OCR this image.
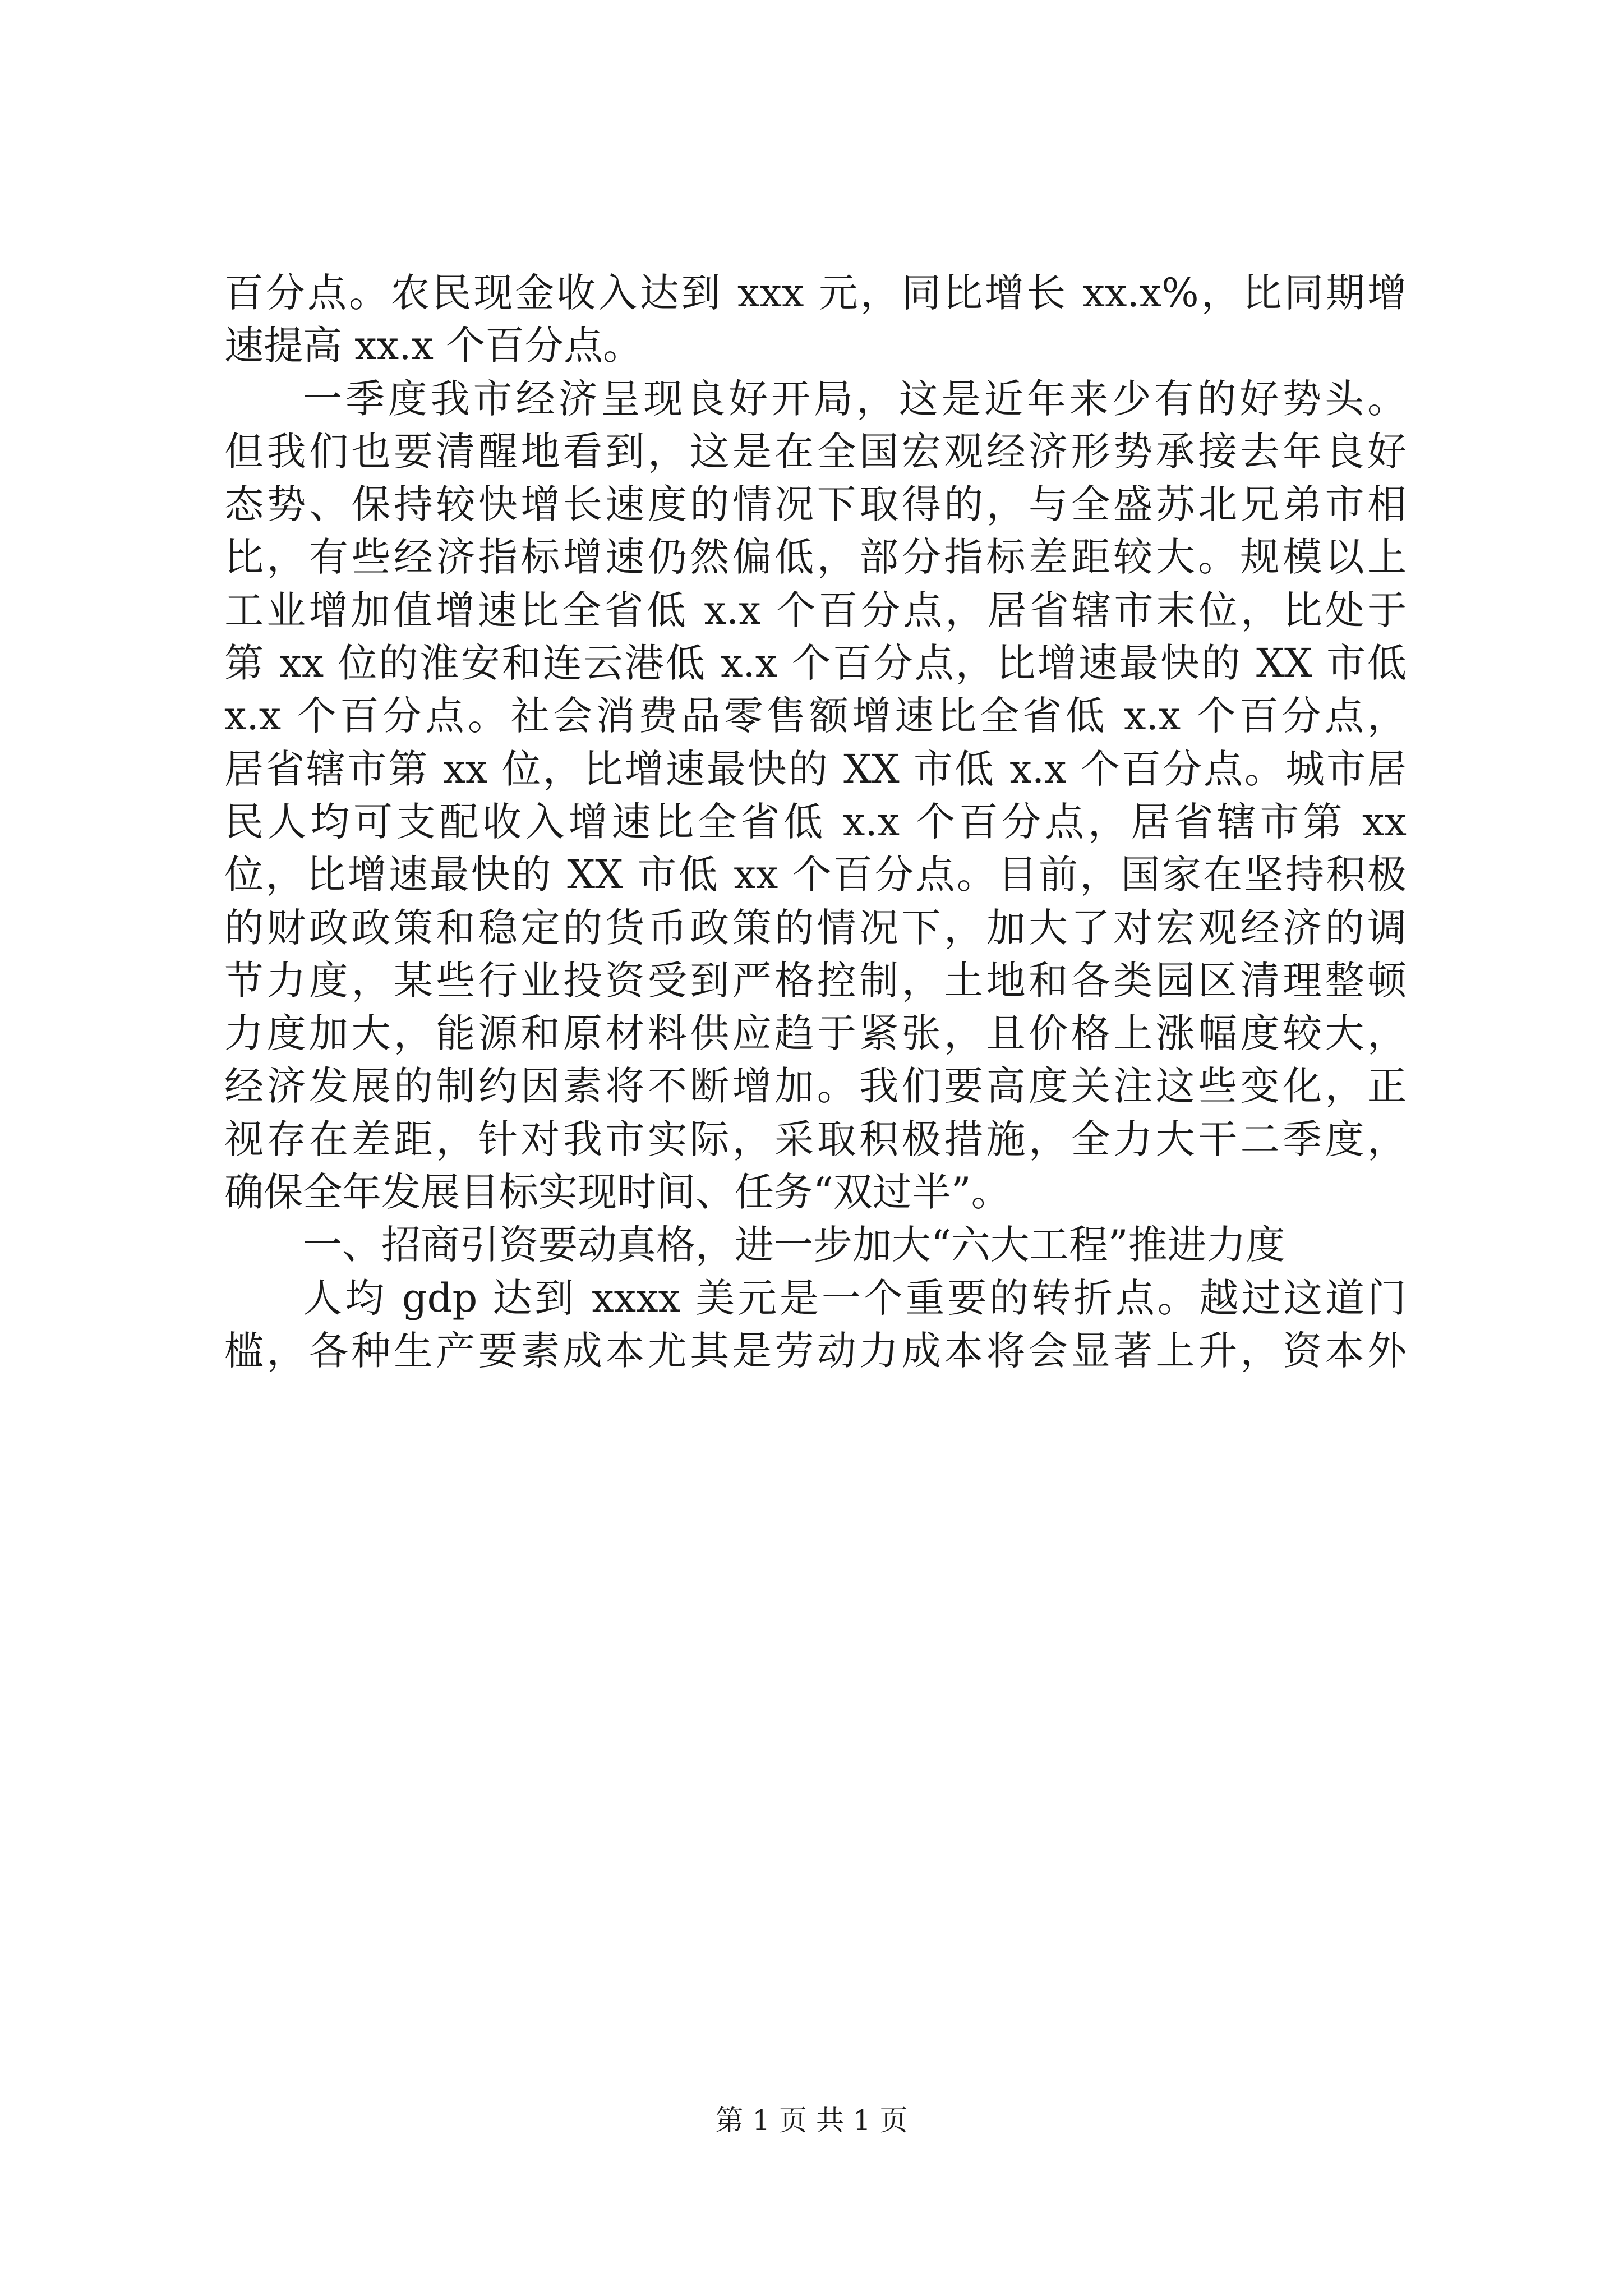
百分点。农民现金收入达到 xxx 元，同比增长 xx.x%，比同期增
速提高 xx.x 个百分点。
一季度我市经济呈现良好开局，这是近年来少有的好势头。
但我们也要清醒地看到，这是在全国宏观经济形势承接去年良好
态势、保持较快增长速度的情况下取得的，与全盛苏北兄弟市相
比，有些经济指标增速仍然偏低，部分指标差距较大。规模以上
工业增加值增速比全省低 x.x 个百分点，居省辖市末位，比处于
第 xx 位的淮安和连云港低 x.x 个百分点，比增速最快的 XX 市低
x.x 个百分点。社会消费品零售额增速比全省低 x.x 个百分点，
居省辖市第 xx 位，比增速最快的 XX 市低 x.x 个百分点。城市居
民人均可支配收入增速比全省低 x.x 个百分点，居省辖市第 xx
位，比增速最快的 XX 市低 xx 个百分点。目前，国家在坚持积极
的财政政策和稳定的货币政策的情况下，加大了对宏观经济的调
节力度，某些行业投资受到严格控制，土地和各类园区清理整顿
力度加大，能源和原材料供应趋于紧张，且价格上涨幅度较大，
经济发展的制约因素将不断增加。我们要高度关注这些变化，正
视存在差距，针对我市实际，采取积极措施，全力大干二季度，
确保全年发展目标实现时间、任务“双过半”。
一、招商引资要动真格，进一步加大“六大工程”推进力度
人均 gdp 达到 xxxx 美元是一个重要的转折点。越过这道门
槛，各种生产要素成本尤其是劳动力成本将会显著上升，资本外
第 1 页 共 1 页
